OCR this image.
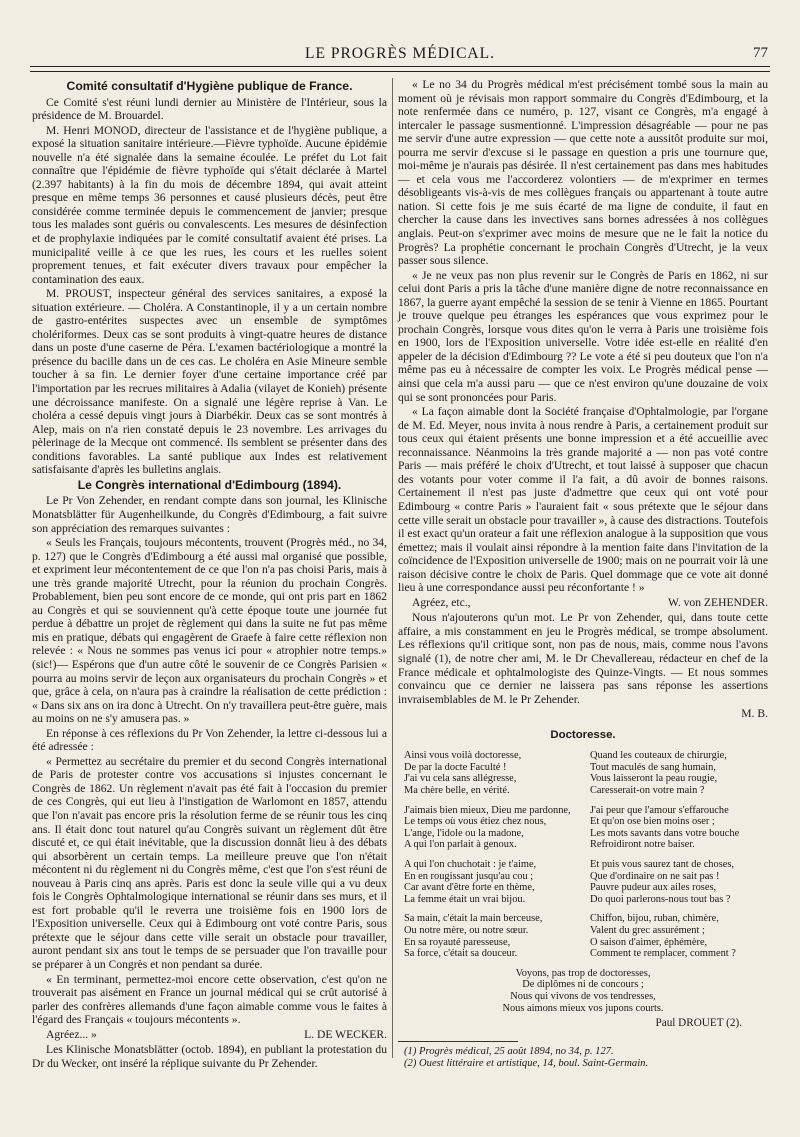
LE PROGRÈS MÉDICAL.	77
Comité consultatif d'Hygiène publique de France.

Ce Comité s'est réuni lundi dernier au Ministère de l'Intérieur, sous la présidence de M. Brouardel.

M. Henri MONOD, directeur de l'assistance et de l'hygiène publique, a exposé la situation sanitaire intérieure.—Fièvre typhoïde. Aucune épidémie nouvelle n'a été signalée dans la semaine écoulée. Le préfet du Lot fait connaître que l'épidémie de fièvre typhoïde qui s'était déclarée à Martel (2.397 habitants) à la fin du mois de décembre 1894, qui avait atteint presque en même temps 36 personnes et causé plusieurs décès, peut être considérée comme terminée depuis le commencement de janvier; presque tous les malades sont guéris ou convalescents. Les mesures de désinfection et de prophylaxie indiquées par le comité consultatif avaient été prises. La municipalité veille à ce que les rues, les cours et les ruelles soient proprement tenues, et fait exécuter divers travaux pour empêcher la contamination des eaux.

M. PROUST, inspecteur général des services sanitaires, a exposé la situation extérieure. — Choléra. A Constantinople, il y a un certain nombre de gastro-entérites suspectes avec un ensemble de symptômes cholériformes. Deux cas se sont produits à vingt-quatre heures de distance dans un poste d'une caserne de Péra. L'examen bactériologique a montré la présence du bacille dans un de ces cas. Le choléra en Asie Mineure semble toucher à sa fin. Le dernier foyer d'une certaine importance créé par l'importation par les recrues militaires à Adalia (vilayet de Konieh) présente une décroissance manifeste. On a signalé une légère reprise à Van. Le choléra a cessé depuis vingt jours à Diarbékir. Deux cas se sont montrés à Alep, mais on n'a rien constaté depuis le 23 novembre. Les arrivages du pèlerinage de la Mecque ont commencé. Ils semblent se présenter dans des conditions favorables. La santé publique aux Indes est relativement satisfaisante d'après les bulletins anglais.

Le Congrès international d'Edimbourg (1894).

Le Pr Von Zehender, en rendant compte dans son journal, les Klinische Monatsblätter für Augenheilkunde, du Congrès d'Edimbourg, a fait suivre son appréciation des remarques suivantes :

« Seuls les Français, toujours mécontents, trouvent (Progrès méd., no 34, p. 127) que le Congrès d'Edimbourg a été aussi mal organisé que possible, et expriment leur mécontentement de ce que l'on n'a pas choisi Paris, mais à une très grande majorité Utrecht, pour la réunion du prochain Congrès. Probablement, bien peu sont encore de ce monde, qui ont pris part en 1862 au Congrès et qui se souviennent qu'à cette époque toute une journée fut perdue à débattre un projet de règlement qui dans la suite ne fut pas même mis en pratique, débats qui engagèrent de Graefe à faire cette réflexion non relevée : « Nous ne sommes pas venus ici pour « atrophier notre temps.» (sic!)— Espérons que d'un autre côté le souvenir de ce Congrès Parisien « pourra au moins servir de leçon aux organisateurs du prochain Congrès » et que, grâce à cela, on n'aura pas à craindre la réalisation de cette prédiction : « Dans six ans on ira donc à Utrecht. On n'y travaillera peut-être guère, mais au moins on ne s'y amusera pas. »

En réponse à ces réflexions du Pr Von Zehender, la lettre ci-dessous lui a été adressée :

« Permettez au secrétaire du premier et du second Congrès international de Paris de protester contre vos accusations si injustes concernant le Congrès de 1862. Un règlement n'avait pas été fait à l'occasion du premier de ces Congrès, qui eut lieu à l'instigation de Warlomont en 1857, attendu que l'on n'avait pas encore pris la résolution ferme de se réunir tous les cinq ans. Il était donc tout naturel qu'au Congrès suivant un règlement dût être discuté et, ce qui était inévitable, que la discussion donnât lieu à des débats qui absorbèrent un certain temps. La meilleure preuve que l'on n'était mécontent ni du règlement ni du Congrès même, c'est que l'on s'est réuni de nouveau à Paris cinq ans après. Paris est donc la seule ville qui a vu deux fois le Congrès Ophtalmologique international se réunir dans ses murs, et il est fort probable qu'il le reverra une troisième fois en 1900 lors de l'Exposition universelle. Ceux qui à Edimbourg ont voté contre Paris, sous prétexte que le séjour dans cette ville serait un obstacle pour travailler, auront pendant six ans tout le temps de se persuader que l'on travaille pour se préparer à un Congrès et non pendant sa durée.

« En terminant, permettez-moi encore cette observation, c'est qu'on ne trouverait pas aisément en France un journal médical qui se crût autorisé à parler des confrères allemands d'une façon aimable comme vous le faites à l'égard des Français « toujours mécontents ».

Agréez... »	L. DE WECKER.

Les Klinische Monatsblätter (octob. 1894), en publiant la protestation du Dr du Wecker, ont inséré la réplique suivante du Pr Zehender.

« Le no 34 du Progrès médical m'est précisément tombé sous la main au moment où je révisais mon rapport sommaire du Congrès d'Edimbourg, et la note renfermée dans ce numéro, p. 127, visant ce Congrès, m'a engagé à intercaler le passage susmentionné. L'impression désagréable — pour ne pas me servir d'une autre expression — que cette note a aussitôt produite sur moi, pourra me servir d'excuse si le passage en question a pris une tournure que, moi-même je n'aurais pas désirée. Il n'est certainement pas dans mes habitudes — et cela vous me l'accorderez volontiers — de m'exprimer en termes désobligeants vis-à-vis de mes collègues français ou appartenant à toute autre nation. Si cette fois je me suis écarté de ma ligne de conduite, il faut en chercher la cause dans les invectives sans bornes adressées à nos collègues anglais. Peut-on s'exprimer avec moins de mesure que ne le fait la notice du Progrès? La prophétie concernant le prochain Congrès d'Utrecht, je la veux passer sous silence.

« Je ne veux pas non plus revenir sur le Congrès de Paris en 1862, ni sur celui dont Paris a pris la tâche d'une manière digne de notre reconnaissance en 1867, la guerre ayant empêché la session de se tenir à Vienne en 1865. Pourtant je trouve quelque peu étranges les espérances que vous exprimez pour le prochain Congrès, lorsque vous dites qu'on le verra à Paris une troisième fois en 1900, lors de l'Exposition universelle. Votre idée est-elle en réalité d'en appeler de la décision d'Edimbourg ?? Le vote a été si peu douteux que l'on n'a même pas eu à nécessaire de compter les voix. Le Progrès médical pense — ainsi que cela m'a aussi paru — que ce n'est environ qu'une douzaine de voix qui se sont prononcées pour Paris.

« La façon aimable dont la Société française d'Ophtalmologie, par l'organe de M. Ed. Meyer, nous invita à nous rendre à Paris, a certainement produit sur tous ceux qui étaient présents une bonne impression et a été accueillie avec reconnaissance. Néanmoins la très grande majorité a — non pas voté contre Paris — mais préféré le choix d'Utrecht, et tout laissé à supposer que chacun des votants pour voter comme il l'a fait, a dû avoir de bonnes raisons. Certainement il n'est pas juste d'admettre que ceux qui ont voté pour Edimbourg « contre Paris » l'auraient fait « sous prétexte que le séjour dans cette ville serait un obstacle pour travailler », à cause des distractions. Toutefois il est exact qu'un orateur a fait une réflexion analogue à la supposition que vous émettez; mais il voulait ainsi répondre à la mention faite dans l'invitation de la coïncidence de l'Exposition universelle de 1900; mais on ne pourrait voir là une raison décisive contre le choix de Paris. Quel dommage que ce vote ait donné lieu à une correspondance aussi peu réconfortante ! »

Agréez, etc.,	W. von ZEHENDER.

Nous n'ajouterons qu'un mot. Le Pr von Zehender, qui, dans toute cette affaire, a mis constamment en jeu le Progrès médical, se trompe absolument. Les réflexions qu'il critique sont, non pas de nous, mais, comme nous l'avons signalé (1), de notre cher ami, M. le Dr Chevallereau, rédacteur en chef de la France médicale et ophtalmologiste des Quinze-Vingts. — Et nous sommes convaincu que ce dernier ne laissera pas sans réponse les assertions invraisemblables de M. le Pr Zehender.

M. B.
Doctoresse.
Ainsi vous voilà doctoresse,
De par la docte Faculté !
J'ai vu cela sans allégresse,
Ma chère belle, en vérité.
Quand les couteaux de chirurgie,
Tout maculés de sang humain,
Vous laisseront la peau rougie,
Caresserait-on votre main ?
J'aimais bien mieux, Dieu me pardonne,
Le temps où vous étiez chez nous,
L'ange, l'idole ou la madone,
A qui l'on parlait à genoux.
J'ai peur que l'amour s'effarouche
Et qu'on ose bien moins oser ;
Les mots savants dans votre bouche
Refroidiront notre baiser.
A qui l'on chuchotait : je t'aime,
En en rougissant jusqu'au cou ;
Car avant d'être forte en thème,
La femme était un vrai bijou.
Et puis vous saurez tant de choses,
Que d'ordinaire on ne sait pas !
Pauvre pudeur aux ailes roses,
Do quoi parlerons-nous tout bas ?
Sa main, c'était la main berceuse,
Ou notre mère, ou notre sœur.
En sa royauté paresseuse,
Sa force, c'était sa douceur.
Chiffon, bijou, ruban, chimère,
Valent du grec assurément ;
O saison d'aimer, éphémère,
Comment te remplacer, comment ?
Voyons, pas trop de doctoresses,
De diplômes ni de concours ;
Nous qui vivons de vos tendresses,
Nous aimons mieux vos jupons courts.
Paul DROUET (2).
(1) Progrès médical, 25 août 1894, no 34, p. 127.
(2) Ouest littéraire et artistique, 14, boul. Saint-Germain.
